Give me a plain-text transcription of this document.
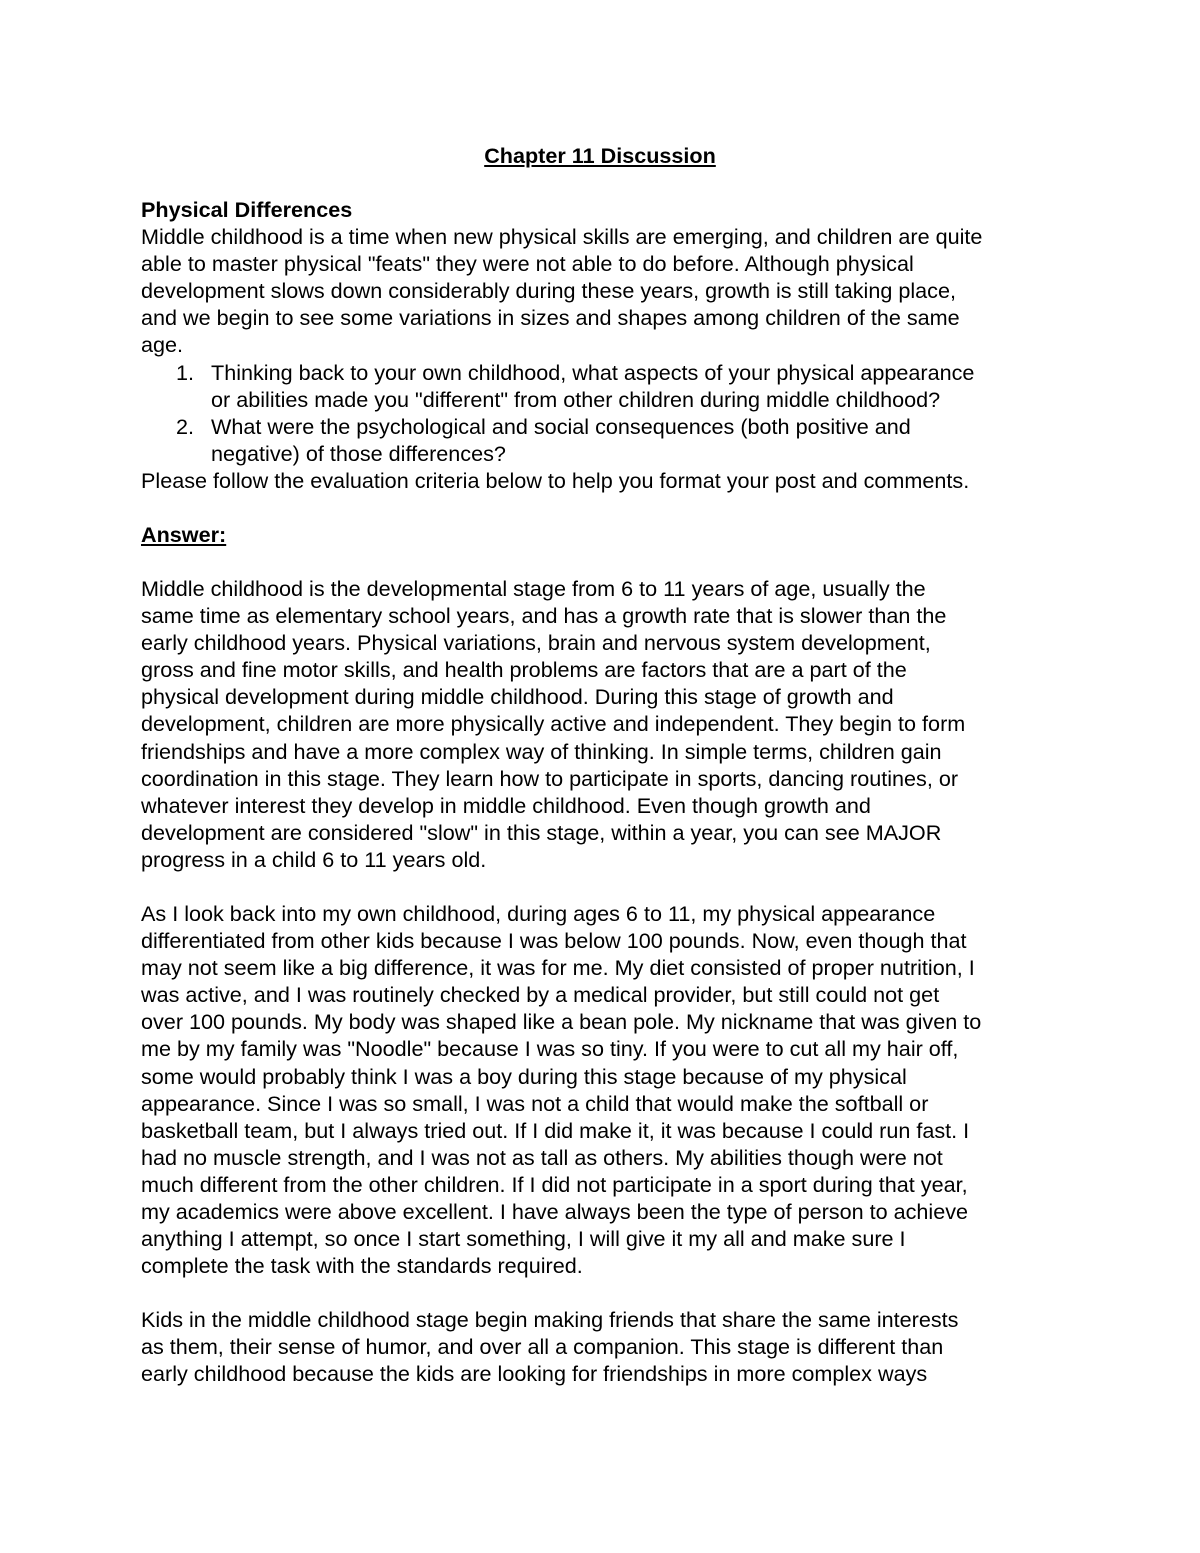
Chapter 11 Discussion
Physical Differences
Middle childhood is a time when new physical skills are emerging, and children are quite
able to master physical "feats" they were not able to do before. Although physical
development slows down considerably during these years, growth is still taking place,
and we begin to see some variations in sizes and shapes among children of the same
age.
1. Thinking back to your own childhood, what aspects of your physical appearance
or abilities made you "different" from other children during middle childhood?
2. What were the psychological and social consequences (both positive and
negative) of those differences?
Please follow the evaluation criteria below to help you format your post and comments.
Answer:
Middle childhood is the developmental stage from 6 to 11 years of age, usually the
same time as elementary school years, and has a growth rate that is slower than the
early childhood years. Physical variations, brain and nervous system development,
gross and fine motor skills, and health problems are factors that are a part of the
physical development during middle childhood. During this stage of growth and
development, children are more physically active and independent. They begin to form
friendships and have a more complex way of thinking. In simple terms, children gain
coordination in this stage. They learn how to participate in sports, dancing routines, or
whatever interest they develop in middle childhood. Even though growth and
development are considered "slow" in this stage, within a year, you can see MAJOR
progress in a child 6 to 11 years old.
As I look back into my own childhood, during ages 6 to 11, my physical appearance
differentiated from other kids because I was below 100 pounds. Now, even though that
may not seem like a big difference, it was for me. My diet consisted of proper nutrition, I
was active, and I was routinely checked by a medical provider, but still could not get
over 100 pounds. My body was shaped like a bean pole. My nickname that was given to
me by my family was "Noodle" because I was so tiny. If you were to cut all my hair off,
some would probably think I was a boy during this stage because of my physical
appearance. Since I was so small, I was not a child that would make the softball or
basketball team, but I always tried out. If I did make it, it was because I could run fast. I
had no muscle strength, and I was not as tall as others. My abilities though were not
much different from the other children. If I did not participate in a sport during that year,
my academics were above excellent. I have always been the type of person to achieve
anything I attempt, so once I start something, I will give it my all and make sure I
complete the task with the standards required.
Kids in the middle childhood stage begin making friends that share the same interests
as them, their sense of humor, and over all a companion. This stage is different than
early childhood because the kids are looking for friendships in more complex ways
